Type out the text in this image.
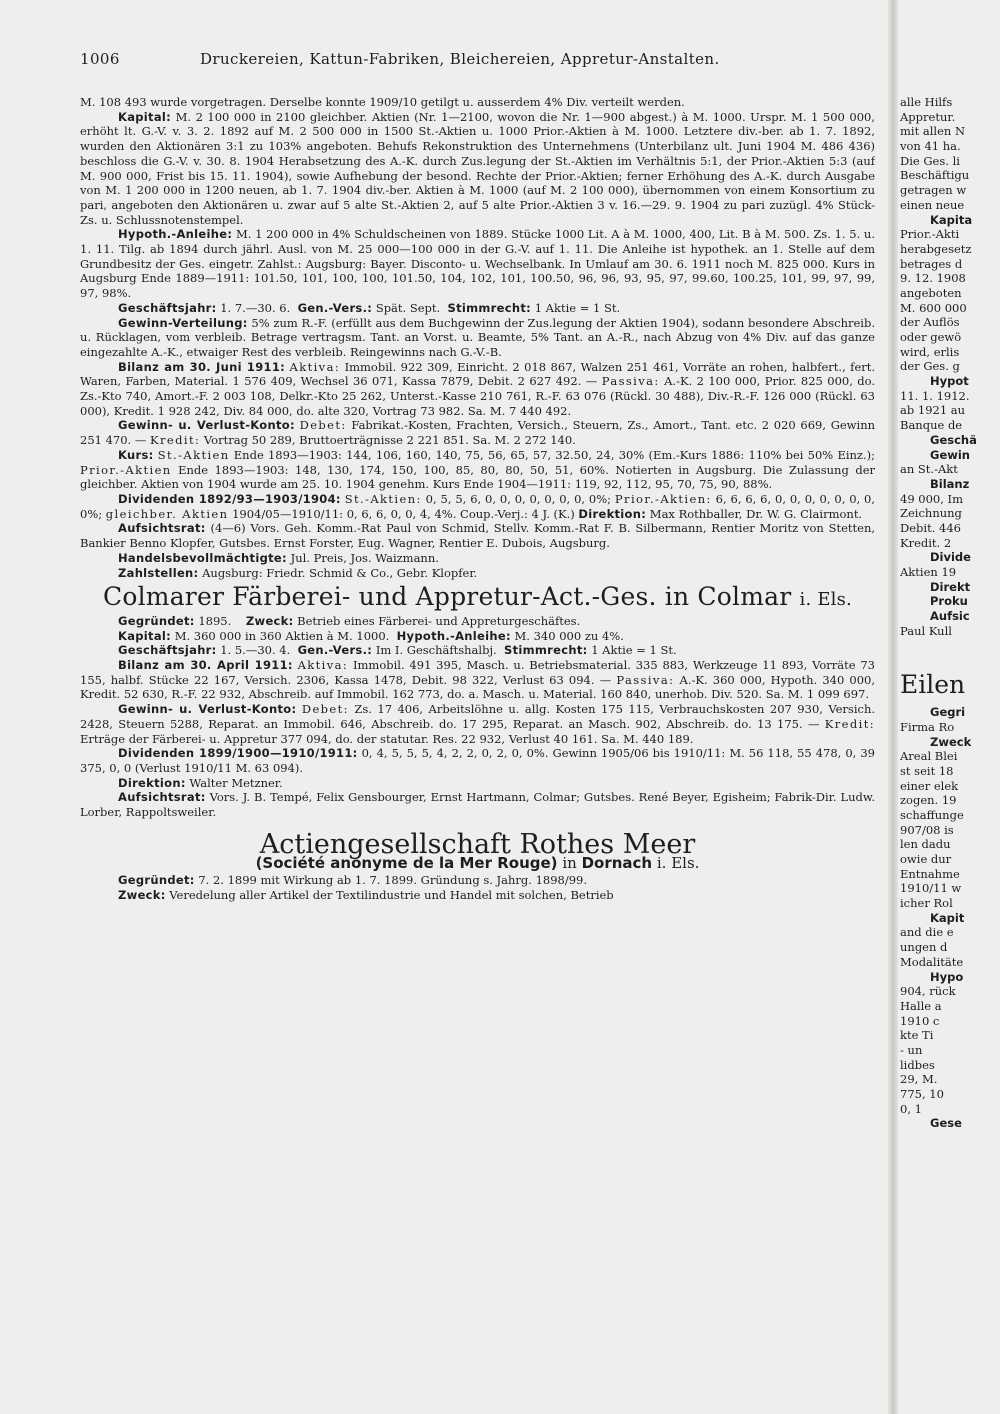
1006	Druckereien, Kattun-Fabriken, Bleichereien, Appretur-Anstalten.

M. 108 493 wurde vorgetragen. Derselbe konnte 1909/10 getilgt u. ausserdem 4% Div. verteilt werden.

Kapital: M. 2 100 000 in 2100 gleichber. Aktien (Nr. 1—2100, wovon die Nr. 1—900 abgest.) à M. 1000. Urspr. M. 1 500 000, erhöht lt. G.-V. v. 3. 2. 1892 auf M. 2 500 000 in 1500 St.-Aktien u. 1000 Prior.-Aktien à M. 1000. Letztere div.-ber. ab 1. 7. 1892, wurden den Aktionären 3:1 zu 103% angeboten. Behufs Rekonstruktion des Unternehmens (Unterbilanz ult. Juni 1904 M. 486 436) beschloss die G.-V. v. 30. 8. 1904 Herabsetzung des A.-K. durch Zus.legung der St.-Aktien im Verhältnis 5:1, der Prior.-Aktien 5:3 (auf M. 900 000, Frist bis 15. 11. 1904), sowie Aufhebung der besond. Rechte der Prior.-Aktien; ferner Erhöhung des A.-K. durch Ausgabe von M. 1 200 000 in 1200 neuen, ab 1. 7. 1904 div.-ber. Aktien à M. 1000 (auf M. 2 100 000), übernommen von einem Konsortium zu pari, angeboten den Aktionären u. zwar auf 5 alte St.-Aktien 2, auf 5 alte Prior.-Aktien 3 v. 16.—29. 9. 1904 zu pari zuzügl. 4% Stück-Zs. u. Schlussnotenstempel.

Hypoth.-Anleihe: M. 1 200 000 in 4% Schuldscheinen von 1889. Stücke 1000 Lit. A à M. 1000, 400, Lit. B à M. 500. Zs. 1. 5. u. 1. 11. Tilg. ab 1894 durch jährl. Ausl. von M. 25 000—100 000 in der G.-V. auf 1. 11. Die Anleihe ist hypothek. an 1. Stelle auf dem Grundbesitz der Ges. eingetr. Zahlst.: Augsburg: Bayer. Disconto- u. Wechselbank. In Umlauf am 30. 6. 1911 noch M. 825 000. Kurs in Augsburg Ende 1889—1911: 101.50, 101, 100, 100, 101.50, 104, 102, 101, 100.50, 96, 96, 93, 95, 97, 99.60, 100.25, 101, 99, 97, 99, 97, 98%.

Geschäftsjahr: 1. 7.—30. 6. Gen.-Vers.: Spät. Sept. Stimmrecht: 1 Aktie = 1 St.

Gewinn-Verteilung: 5% zum R.-F. (erfüllt aus dem Buchgewinn der Zus.legung der Aktien 1904), sodann besondere Abschreib. u. Rücklagen, vom verbleib. Betrage vertragsm. Tant. an Vorst. u. Beamte, 5% Tant. an A.-R., nach Abzug von 4% Div. auf das ganze eingezahlte A.-K., etwaiger Rest des verbleib. Reingewinns nach G.-V.-B.

Bilanz am 30. Juni 1911: Aktiva: Immobil. 922 309, Einricht. 2 018 867, Walzen 251 461, Vorräte an rohen, halbfert., fert. Waren, Farben, Material. 1 576 409, Wechsel 36 071, Kassa 7879, Debit. 2 627 492. — Passiva: A.-K. 2 100 000, Prior. 825 000, do. Zs.-Kto 740, Amort.-F. 2 003 108, Delkr.-Kto 25 262, Unterst.-Kasse 210 761, R.-F. 63 076 (Rückl. 30 488), Div.-R.-F. 126 000 (Rückl. 63 000), Kredit. 1 928 242, Div. 84 000, do. alte 320, Vortrag 73 982. Sa. M. 7 440 492.

Gewinn- u. Verlust-Konto: Debet: Fabrikat.-Kosten, Frachten, Versich., Steuern, Zs., Amort., Tant. etc. 2 020 669, Gewinn 251 470. — Kredit: Vortrag 50 289, Bruttoerträgnisse 2 221 851. Sa. M. 2 272 140.

Kurs: St.-Aktien Ende 1893—1903: 144, 106, 160, 140, 75, 56, 65, 57, 32.50, 24, 30% (Em.-Kurs 1886: 110% bei 50% Einz.); Prior.-Aktien Ende 1893—1903: 148, 130, 174, 150, 100, 85, 80, 80, 50, 51, 60%. Notierten in Augsburg. Die Zulassung der gleichber. Aktien von 1904 wurde am 25. 10. 1904 genehm. Kurs Ende 1904—1911: 119, 92, 112, 95, 70, 75, 90, 88%.

Dividenden 1892/93—1903/1904: St.-Aktien: 0, 5, 5, 6, 0, 0, 0, 0, 0, 0, 0, 0%; Prior.-Aktien: 6, 6, 6, 6, 0, 0, 0, 0, 0, 0, 0, 0%; gleichber. Aktien 1904/05—1910/11: 0, 6, 6, 0, 0, 4, 4%. Coup.-Verj.: 4 J. (K.) Direktion: Max Rothballer, Dr. W. G. Clairmont.

Aufsichtsrat: (4—6) Vors. Geh. Komm.-Rat Paul von Schmid, Stellv. Komm.-Rat F. B. Silbermann, Rentier Moritz von Stetten, Bankier Benno Klopfer, Gutsbes. Ernst Forster, Eug. Wagner, Rentier E. Dubois, Augsburg.

Handelsbevollmächtigte: Jul. Preis, Jos. Waizmann.

Zahlstellen: Augsburg: Friedr. Schmid & Co., Gebr. Klopfer.

Colmarer Färberei- und Appretur-Act.-Ges. in Colmar i. Els.

Gegründet: 1895. Zweck: Betrieb eines Färberei- und Appreturgeschäftes.

Kapital: M. 360 000 in 360 Aktien à M. 1000. Hypoth.-Anleihe: M. 340 000 zu 4%.

Geschäftsjahr: 1. 5.—30. 4. Gen.-Vers.: Im I. Geschäftshalbj. Stimmrecht: 1 Aktie = 1 St.

Bilanz am 30. April 1911: Aktiva: Immobil. 491 395, Masch. u. Betriebsmaterial. 335 883, Werkzeuge 11 893, Vorräte 73 155, halbf. Stücke 22 167, Versich. 2306, Kassa 1478, Debit. 98 322, Verlust 63 094. — Passiva: A.-K. 360 000, Hypoth. 340 000, Kredit. 52 630, R.-F. 22 932, Abschreib. auf Immobil. 162 773, do. a. Masch. u. Material. 160 840, unerhob. Div. 520. Sa. M. 1 099 697.

Gewinn- u. Verlust-Konto: Debet: Zs. 17 406, Arbeitslöhne u. allg. Kosten 175 115, Verbrauchskosten 207 930, Versich. 2428, Steuern 5288, Reparat. an Immobil. 646, Abschreib. do. 17 295, Reparat. an Masch. 902, Abschreib. do. 13 175. — Kredit: Erträge der Färberei- u. Appretur 377 094, do. der statutar. Res. 22 932, Verlust 40 161. Sa. M. 440 189.

Dividenden 1899/1900—1910/1911: 0, 4, 5, 5, 5, 4, 2, 2, 0, 2, 0, 0%. Gewinn 1905/06 bis 1910/11: M. 56 118, 55 478, 0, 39 375, 0, 0 (Verlust 1910/11 M. 63 094).

Direktion: Walter Metzner.

Aufsichtsrat: Vors. J. B. Tempé, Felix Gensbourger, Ernst Hartmann, Colmar; Gutsbes. René Beyer, Egisheim; Fabrik-Dir. Ludw. Lorber, Rappoltsweiler.

Actiengesellschaft Rothes Meer
(Société anonyme de la Mer Rouge) in Dornach i. Els.

Gegründet: 7. 2. 1899 mit Wirkung ab 1. 7. 1899. Gründung s. Jahrg. 1898/99.

Zweck: Veredelung aller Artikel der Textilindustrie und Handel mit solchen, Betrieb

alle Hilfs
Appretur.
mit allen N
von 41 ha.
Die Ges. li
Beschäftigu
getragen w
einen neue
Kapita
Prior.-Akti
herabgesetz
betrages d
9. 12. 1908
angeboten
M. 600 000
der Auflös
oder gewö
wird, erlis
der Ges. g
Hypot
11. 1. 1912.
ab 1921 au
Banque de
Geschä
Gewin
an St.-Akt
Bilanz
49 000, Im
Zeichnung
Debit. 446
Kredit. 2
Divide
Aktien 19
Direkt
Proku
Aufsic
Paul Kull
Eilen
Gegri
Firma Ro
Zweck
Areal Blei
st seit 18
einer elek
zogen. 19
schaffunge
907/08 is
len dadu
owie dur
Entnahme
1910/11 w
icher Rol
Kapit
and die e
ungen d
Modalitäte
Hypo
904, rück
Halle a
1910 c
kte Ti
- un
lidbes
29, M.
775, 10
0, 1
Gese
